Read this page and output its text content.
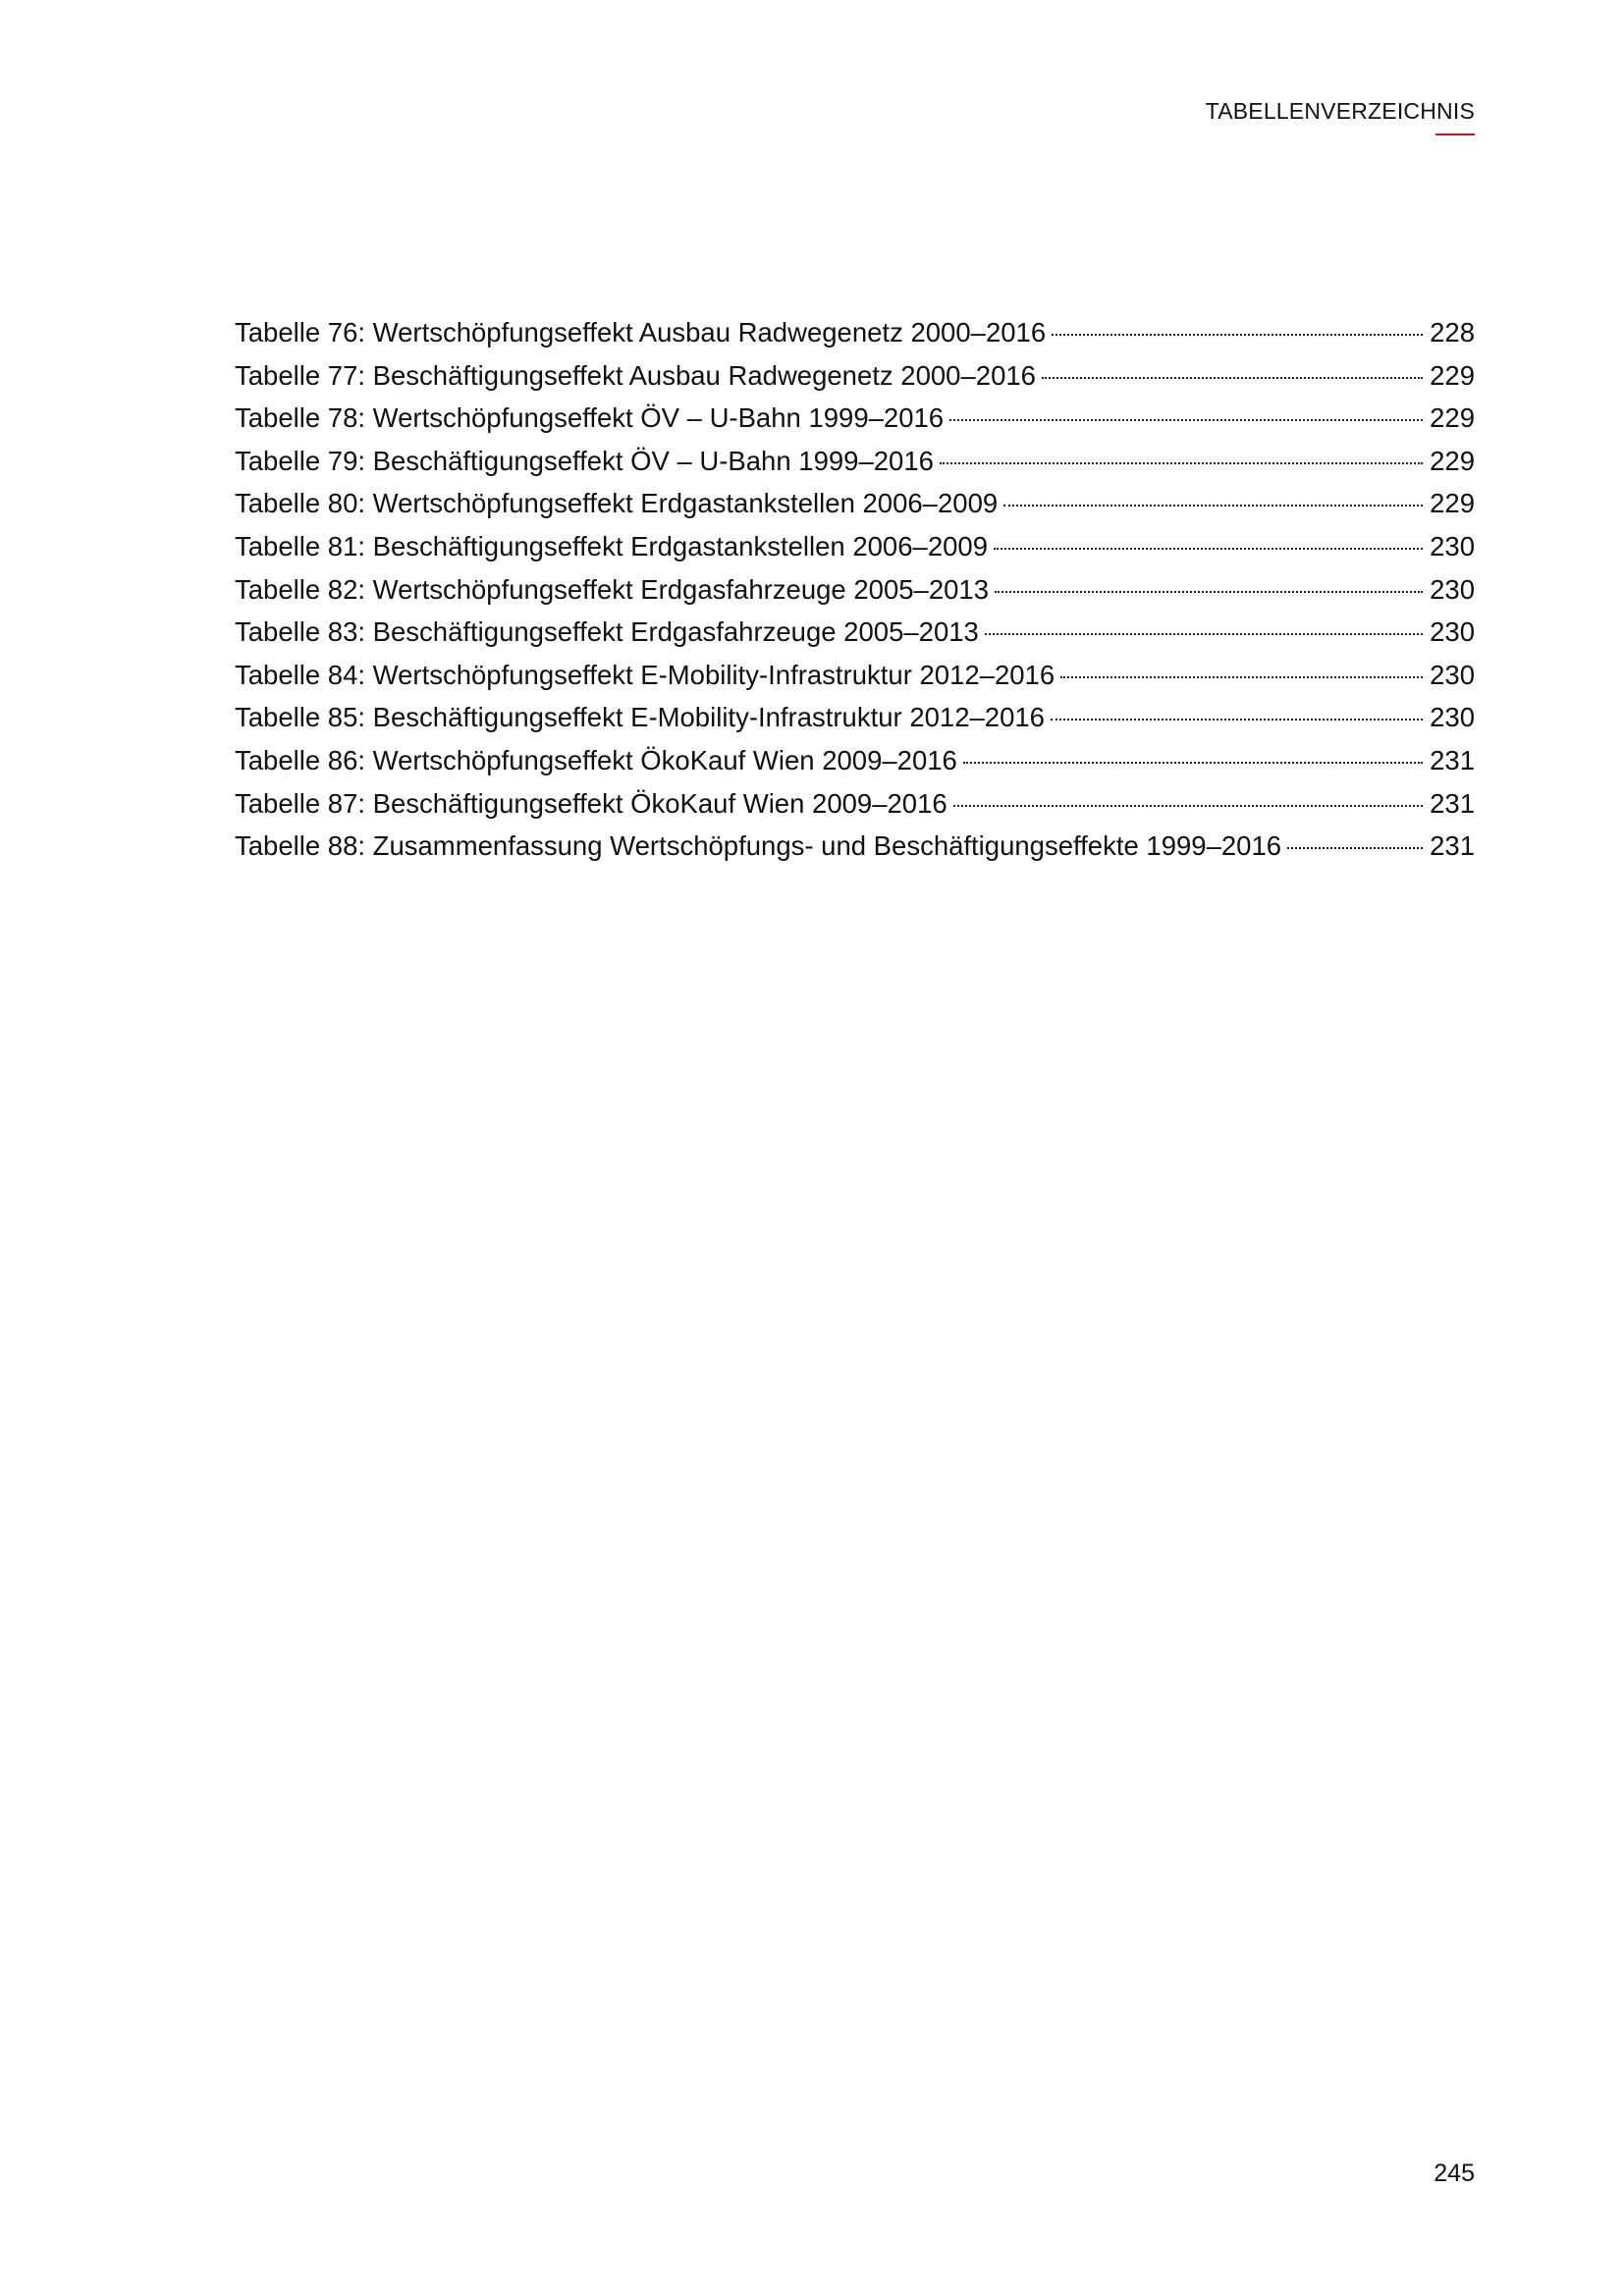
TABELLENVERZEICHNIS
Tabelle 76: Wertschöpfungseffekt Ausbau Radwegenetz 2000–2016	228
Tabelle 77: Beschäftigungseffekt Ausbau Radwegenetz 2000–2016	229
Tabelle 78: Wertschöpfungseffekt ÖV – U-Bahn 1999–2016	229
Tabelle 79: Beschäftigungseffekt ÖV – U-Bahn 1999–2016	229
Tabelle 80: Wertschöpfungseffekt Erdgastankstellen 2006–2009	229
Tabelle 81: Beschäftigungseffekt Erdgastankstellen 2006–2009	230
Tabelle 82: Wertschöpfungseffekt Erdgasfahrzeuge 2005–2013	230
Tabelle 83: Beschäftigungseffekt Erdgasfahrzeuge 2005–2013	230
Tabelle 84: Wertschöpfungseffekt E-Mobility-Infrastruktur 2012–2016	230
Tabelle 85: Beschäftigungseffekt E-Mobility-Infrastruktur 2012–2016	230
Tabelle 86: Wertschöpfungseffekt ÖkoKauf Wien 2009–2016	231
Tabelle 87: Beschäftigungseffekt ÖkoKauf Wien 2009–2016	231
Tabelle 88: Zusammenfassung Wertschöpfungs- und Beschäftigungseffekte 1999–2016	231
245
